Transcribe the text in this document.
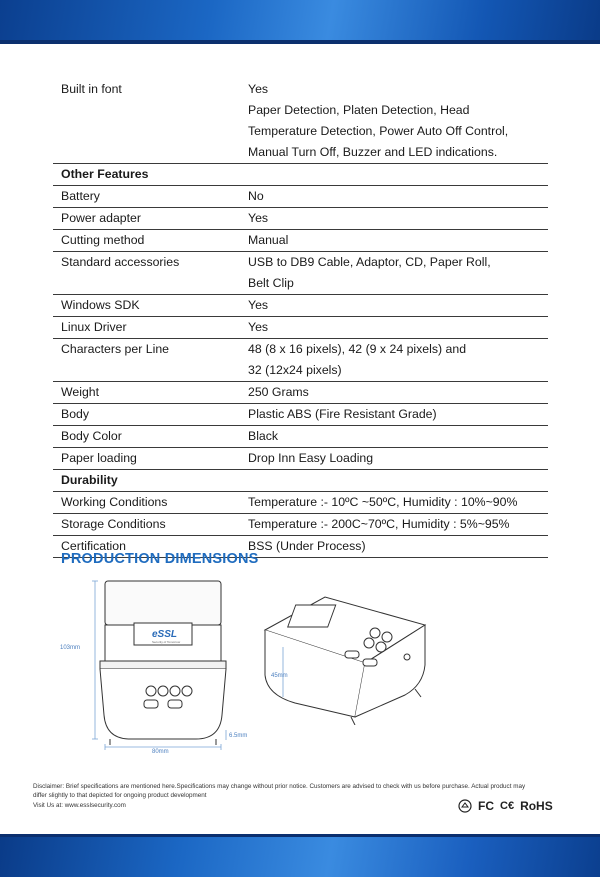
Built in font	Yes

	Paper Detection, Platen Detection, Head
Temperature Detection, Power Auto Off Control,
Manual Turn Off, Buzzer and LED indications.

Other Features	
Battery	No

Power adapter	Yes

Cutting method	Manual

Standard accessories	USB to DB9 Cable, Adaptor, CD, Paper Roll,
Belt Clip

Windows SDK	Yes

Linux Driver	Yes

Characters per Line	48 (8 x 16 pixels), 42 (9 x 24 pixels) and
32 (12x24 pixels)

Weight	250 Grams

Body	Plastic ABS (Fire Resistant Grade)

Body Color	Black

Paper loading	Drop Inn Easy Loading

Durability	
Working Conditions	Temperature :- 10ºC ~50ºC, Humidity : 10%~90%

Storage Conditions	Temperature :- 200C~70ºC, Humidity : 5%~95%

Certification	BSS (Under Process)
PRODUCTION DIMENSIONS
eSSL
Security of Tomorrow
103mm
80mm
6.5mm
45mm
Disclaimer: Brief specifications are mentioned here.Specifications may change without prior notice. Customers are advised to check with us before purchase. Actual product may
differ slightly to that depicted for ongoing product development
Visit Us at: www.esslsecurity.com	FC C€ RoHS
